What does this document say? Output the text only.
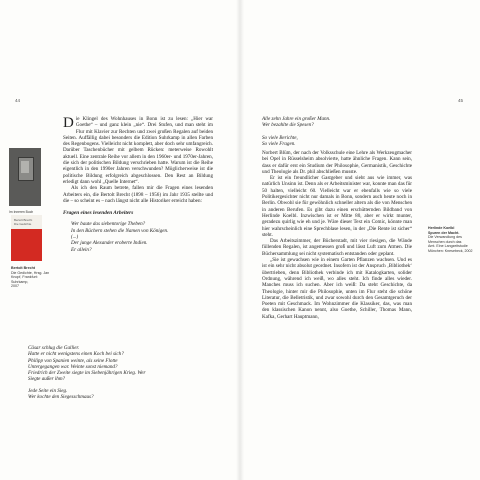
44
Im Inneren Buch
Bertolt Brecht
Die Gedichte
Bertolt Brecht
Die Gedichte, Hrsg. Jan
Knopf, Frankfurt: Suhrkamp,
2007

Die Klingel des Wohnhauses in Bonn ist zu lesen: „Hier war Goethe“ – und ganz klein „nie“. Drei Stufen, und man steht im Flur mit Klavier zur Rechten und zwei großen Regalen auf beiden Seiten. Auffällig dabei besonders die Edition Suhrkamp in allen Farben des Regenbogens. Vielleicht nicht komplett, aber doch sehr umfangreich. Darüber Taschenbücher mit gelbem Rücken: meterweise Rowohlt aktuell. Eine zentrale Reihe vor allem in den 1960er- und 1970er-Jahren, die sich der politischen Bildung verschrieben hatte. Warum ist die Reihe eigentlich in den 1990er Jahren verschwunden? Möglicherweise ist die politische Bildung erfolgreich abgeschlossen. Den Rest an Bildung erledigt dann wohl „Quelle Internet“.

Als ich den Raum betrete, fallen mir die Fragen eines lesenden Arbeiters ein, die Bertolt Brecht (1898 – 1956) im Jahr 1935 stellte und die – so scheint es – nach längst nicht alle Historiker erreicht haben:

Fragen eines lesenden Arbeiters

Wer baute das siebentorige Theben?
In den Büchern stehen die Namen von Königen.
(...)
Der junge Alexander eroberte Indien.
Er allein?
Cäsar schlug die Gallier.
Hatte er nicht wenigstens einen Koch bei sich?
Philipp von Spanien weinte, als seine Flotte
Untergegangen war. Weinte sonst niemand?
Friedrich der Zweite siegte im Siebenjährigen Krieg. Wer
Siegte außer ihm?
Jede Seite ein Sieg.
Wer kochte den Siegesschmaus?
45
Alle zehn Jahre ein großer Mann.
Wer bezahlte die Spesen?
So viele Berichte,
So viele Fragen.

Norbert Blüm, der nach der Volksschule eine Lehre als Werkzeugmacher bei Opel in Rüsselsheim absolvierte, hatte ähnliche Fragen. Kann sein, dass er dafür erst ein Studium der Philosophie, Germanistik, Geschichte und Theologie als Dr. phil abschließen musste.

Er ist ein freundlicher Gastgeber und sieht aus wie immer, was natürlich Unsinn ist. Denn als er Arbeitsminister war, konnte man das für 50 halten, vielleicht 60. Vielleicht war er ebenfalls wie so viele Politikergesichter nicht nur damals in Bonn, sondern auch heute noch in Berlin. Obwohl sie für gewöhnlich schneller altern als die von Menschen in anderen Berufen. Es gibt dazu einen erschütternden Bildband von Herlinde Koelbl. Inzwischen ist er Mitte 80, aber er wirkt munter, geradezu quirlig wie eh und je. Wäre dieser Text ein Comic, könnte man hier wahrscheinlich eine Sprechblase lesen, in der „Die Rente ist sicher“ steht.

Das Arbeitszimmer, der Bücherstadt, mit vier riesigen, die Wände füllenden Regalen, ist angemessen groß und lässt Luft zum Atmen. Die Büchersammlung sei nicht systematisch entstanden oder geplant.

„Sie ist gewachsen wie in einem Garten Pflanzen wachsen. Und es ist ein sehr nicht absolut geordnet. Insofern ist der Anspruch ‚Bibliothek‘ übertrieben, denn Bibliothek verbinde ich mit Katalogkarten, solider Ordnung, während ich weiß, wo alles steht. Ich finde alles wieder. Manches muss ich suchen. Aber ich weiß: Da steht Geschichte, da Theologie, hinter mir die Philosophie, unten im Flur steht die schöne Literatur, die Belletristik, und zwar sowohl durch den Gesamtgeruch der Poeten mit Geschmack. Im Wohnzimmer die Klassiker, das, was man den klassischen Kanon nennt, also Goethe, Schiller, Thomas Mann, Kafka, Gerhart Hauptmann,

Herlinde Koelbl
Spuren der Macht.
Die Verwandlung des
Menschen durch das
Amt. Eine Langzeitstudie
München: Knesebeck, 2002
